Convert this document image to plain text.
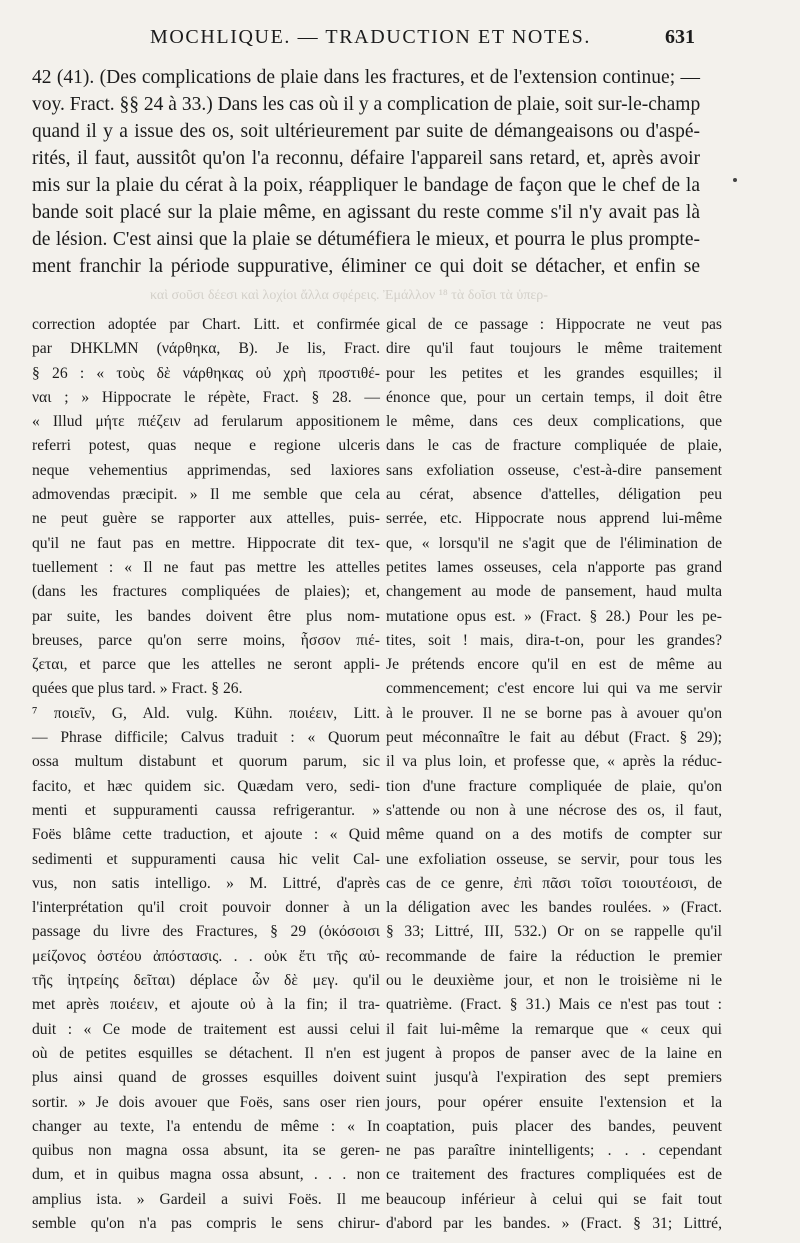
MOCHLIQUE. — TRADUCTION ET NOTES.	631
42 (41). (Des complications de plaie dans les fractures, et de l'extension continue; —
voy. Fract. §§ 24 à 33.) Dans les cas où il y a complication de plaie, soit sur-le-champ
quand il y a issue des os, soit ultérieurement par suite de démangeaisons ou d'aspé-
rités, il faut, aussitôt qu'on l'a reconnu, défaire l'appareil sans retard, et, après avoir
mis sur la plaie du cérat à la poix, réappliquer le bandage de façon que le chef de la
bande soit placé sur la plaie même, en agissant du reste comme s'il n'y avait pas là
de lésion. C'est ainsi que la plaie se détuméfiera le mieux, et pourra le plus prompte-
ment franchir la période suppurative, éliminer ce qui doit se détacher, et enfin se
καὶ σοῦσι δέεσι καὶ λοχίοι ἄλλα σφέρεις. Ἐμάλλον ¹⁸ τὰ δοῖσι τὰ ὑπερ-
correction adoptée par Chart. Litt. et confirmée
par DHKLMN (νάρθηκα, B). Je lis, Fract.
§ 26 : « τοὺς δὲ νάρθηκας οὐ χρὴ προστιθέ-
ναι ; » Hippocrate le répète, Fract. § 28. —
« Illud μήτε πιέζειν ad ferularum appositionem
referri potest, quas neque e regione ulceris
neque vehementius apprimendas, sed laxiores
admovendas præcipit. » Il me semble que cela
ne peut guère se rapporter aux attelles, puis-
qu'il ne faut pas en mettre. Hippocrate dit tex-
tuellement : « Il ne faut pas mettre les attelles
(dans les fractures compliquées de plaies); et,
par suite, les bandes doivent être plus nom-
breuses, parce qu'on serre moins, ἧσσον πιέ-
ζεται, et parce que les attelles ne seront appli-
quées que plus tard. » Fract. § 26.
⁷ ποιεῖν, G, Ald. vulg. Kühn. ποιέειν, Litt.
— Phrase difficile; Calvus traduit : « Quorum
ossa multum distabunt et quorum parum, sic
facito, et hæc quidem sic. Quædam vero, sedi-
menti et suppuramenti caussa refrigerantur. »
Foës blâme cette traduction, et ajoute : « Quid
sedimenti et suppuramenti causa hic velit Cal-
vus, non satis intelligo. » M. Littré, d'après
l'interprétation qu'il croit pouvoir donner à un
passage du livre des Fractures, § 29 (ὁκόσοισι
μείζονος ὀστέου ἀπόστασις. . . οὐκ ἔτι τῆς αὐ-
τῆς ἰητρείης δεῖται) déplace ὧν δὲ μεγ. qu'il
met après ποιέειν, et ajoute οὐ à la fin; il tra-
duit : « Ce mode de traitement est aussi celui
où de petites esquilles se détachent. Il n'en est
plus ainsi quand de grosses esquilles doivent
sortir. » Je dois avouer que Foës, sans oser rien
changer au texte, l'a entendu de même : « In
quibus non magna ossa absunt, ita se geren-
dum, et in quibus magna ossa absunt, . . . non
amplius ista. » Gardeil a suivi Foës. Il me
semble qu'on n'a pas compris le sens chirur-
gical de ce passage : Hippocrate ne veut pas
dire qu'il faut toujours le même traitement
pour les petites et les grandes esquilles; il
énonce que, pour un certain temps, il doit être
le même, dans ces deux complications, que
dans le cas de fracture compliquée de plaie,
sans exfoliation osseuse, c'est-à-dire pansement
au cérat, absence d'attelles, déligation peu
serrée, etc. Hippocrate nous apprend lui-même
que, « lorsqu'il ne s'agit que de l'élimination de
petites lames osseuses, cela n'apporte pas grand
changement au mode de pansement, haud multa
mutatione opus est. » (Fract. § 28.) Pour les pe-
tites, soit ! mais, dira-t-on, pour les grandes?
Je prétends encore qu'il en est de même au
commencement; c'est encore lui qui va me servir
à le prouver. Il ne se borne pas à avouer qu'on
peut méconnaître le fait au début (Fract. § 29);
il va plus loin, et professe que, « après la réduc-
tion d'une fracture compliquée de plaie, qu'on
s'attende ou non à une nécrose des os, il faut,
même quand on a des motifs de compter sur
une exfoliation osseuse, se servir, pour tous les
cas de ce genre, ἐπὶ πᾶσι τοῖσι τοιουτέοισι, de
la déligation avec les bandes roulées. » (Fract.
§ 33; Littré, III, 532.) Or on se rappelle qu'il
recommande de faire la réduction le premier
ou le deuxième jour, et non le troisième ni le
quatrième. (Fract. § 31.) Mais ce n'est pas tout :
il fait lui-même la remarque que « ceux qui
jugent à propos de panser avec de la laine en
suint jusqu'à l'expiration des sept premiers
jours, pour opérer ensuite l'extension et la
coaptation, puis placer des bandes, peuvent
ne pas paraître inintelligents; . . . cependant
ce traitement des fractures compliquées est de
beaucoup inférieur à celui qui se fait tout
d'abord par les bandes. » (Fract. § 31; Littré,
